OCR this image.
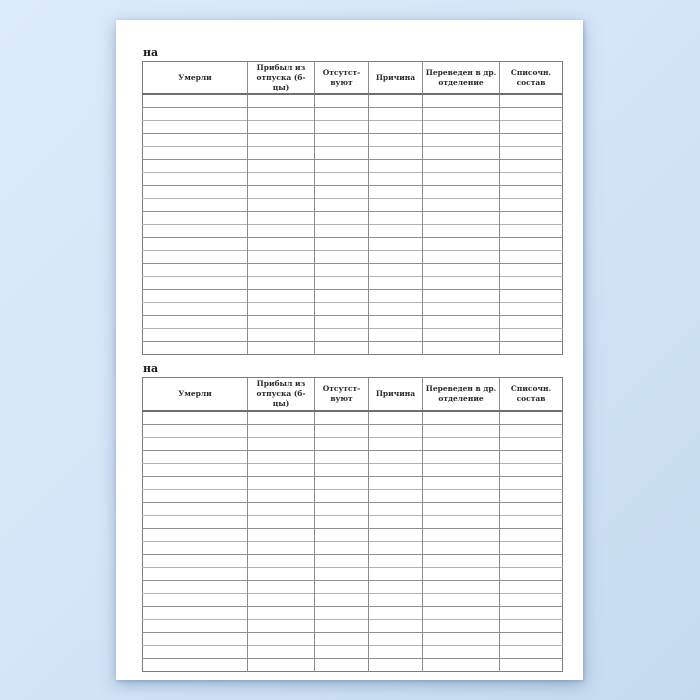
на
Умерли	Прибыл из отпуска (б-цы)	Отсутст- вуют	Причина	Переведен в др. отделение	Списочн. состав

на
Умерли	Прибыл из отпуска (б-цы)	Отсутст- вуют	Причина	Переведен в др. отделение	Списочн. состав
